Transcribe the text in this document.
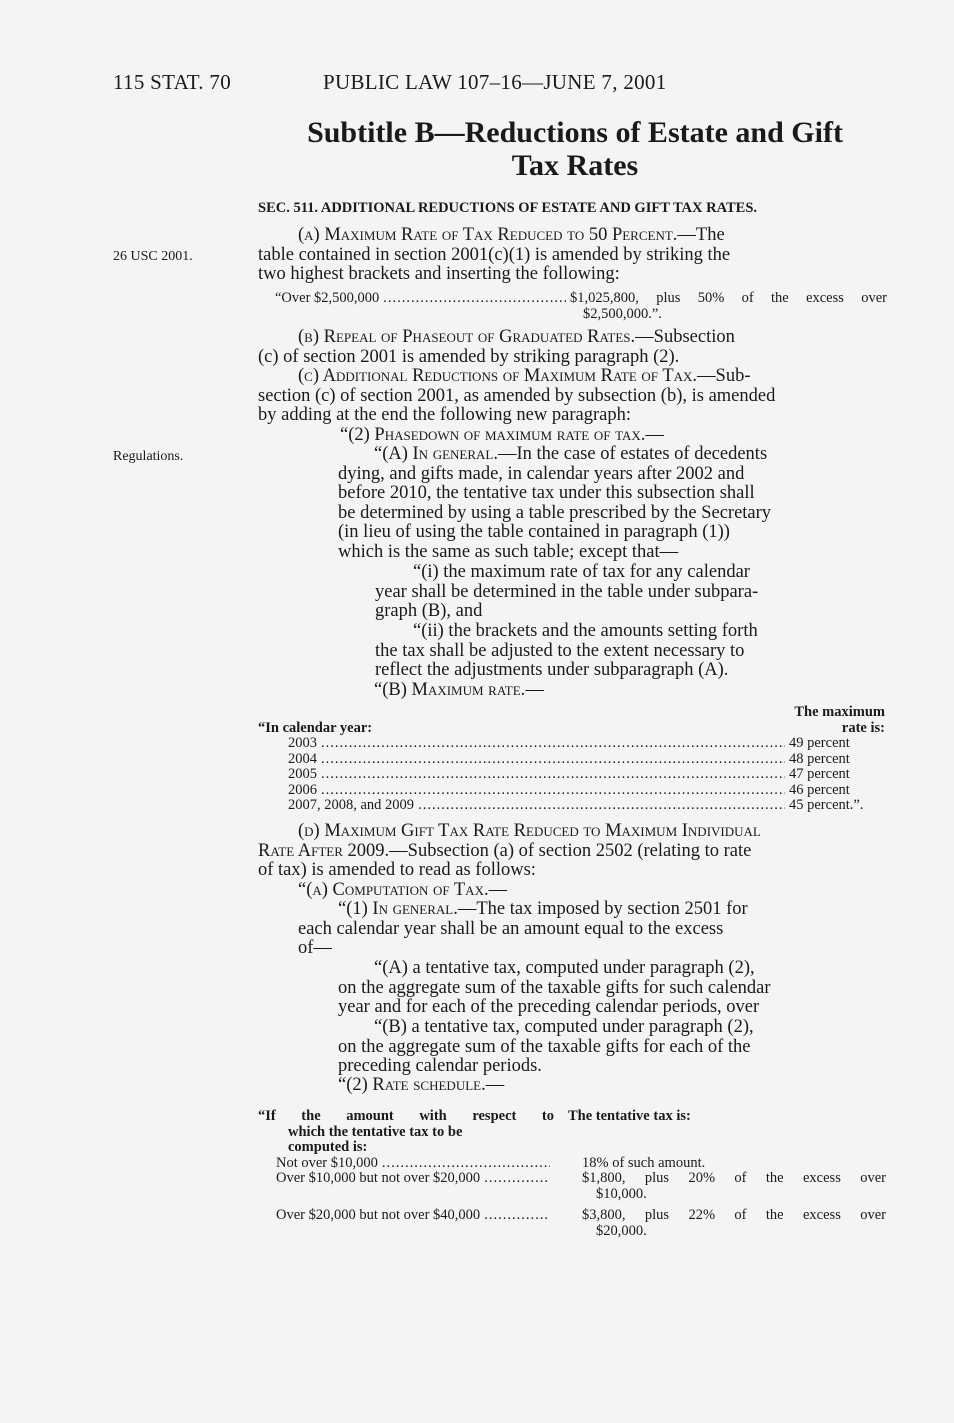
115 STAT. 70	PUBLIC LAW 107–16—JUNE 7, 2001
Subtitle B—Reductions of Estate and Gift
Tax Rates
SEC. 511. ADDITIONAL REDUCTIONS OF ESTATE AND GIFT TAX RATES.
26 USC 2001.
Regulations.
(a) Maximum Rate of Tax Reduced to 50 Percent.—The
table contained in section 2001(c)(1) is amended by striking the
two highest brackets and inserting the following:
“Over $2,500,000 .....	$1,025,800, plus 50% of the excess over
$2,500,000.”.
(b) Repeal of Phaseout of Graduated Rates.—Subsection
(c) of section 2001 is amended by striking paragraph (2).
(c) Additional Reductions of Maximum Rate of Tax.—Sub-
section (c) of section 2001, as amended by subsection (b), is amended
by adding at the end the following new paragraph:
“(2) Phasedown of maximum rate of tax.—
“(A) In general.—In the case of estates of decedents
dying, and gifts made, in calendar years after 2002 and
before 2010, the tentative tax under this subsection shall
be determined by using a table prescribed by the Secretary
(in lieu of using the table contained in paragraph (1))
which is the same as such table; except that—
“(i) the maximum rate of tax for any calendar
year shall be determined in the table under subpara-
graph (B), and
“(ii) the brackets and the amounts setting forth
the tax shall be adjusted to the extent necessary to
reflect the adjustments under subparagraph (A).
“(B) Maximum rate.—
“In calendar year:
The maximum
rate is:
2003 .....	49 percent
2004 .....	48 percent
2005 .....	47 percent
2006 .....	46 percent
2007, 2008, and 2009 .....	45 percent.”.
(d) Maximum Gift Tax Rate Reduced to Maximum Individual
Rate After 2009.—Subsection (a) of section 2502 (relating to rate
of tax) is amended to read as follows:
“(a) Computation of Tax.—
“(1) In general.—The tax imposed by section 2501 for
each calendar year shall be an amount equal to the excess
of—
“(A) a tentative tax, computed under paragraph (2),
on the aggregate sum of the taxable gifts for such calendar
year and for each of the preceding calendar periods, over
“(B) a tentative tax, computed under paragraph (2),
on the aggregate sum of the taxable gifts for each of the
preceding calendar periods.
“(2) Rate schedule.—
“If the amount with respect to
which the tentative tax to be
computed is:
The tentative tax is:
Not over $10,000 .....	18% of such amount.
Over $10,000 but not over $20,000 .....	$1,800, plus 20% of the excess over
$10,000.
Over $20,000 but not over $40,000 .....	$3,800, plus 22% of the excess over
$20,000.
